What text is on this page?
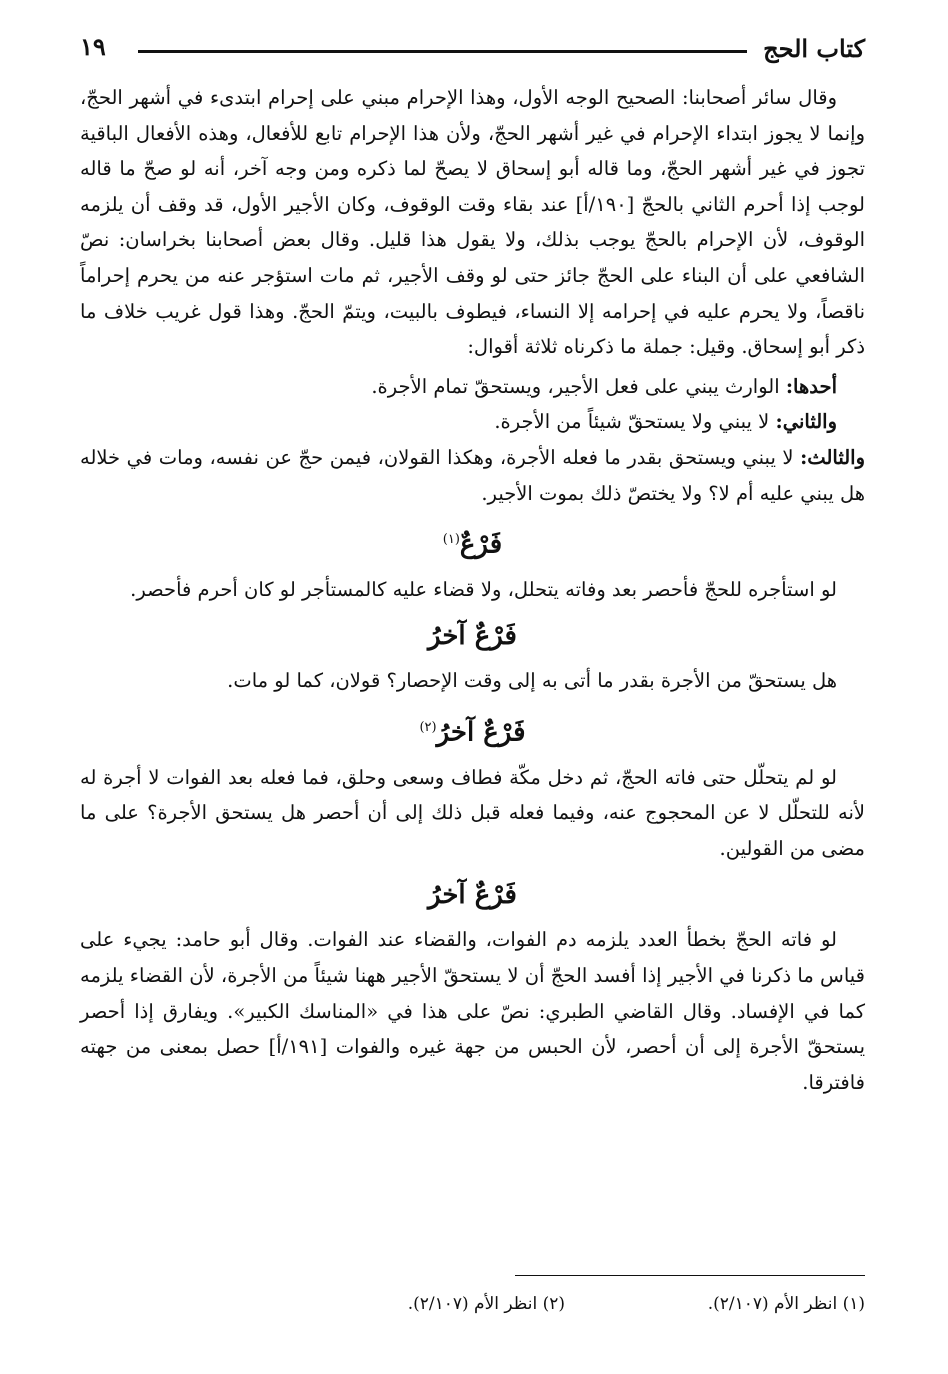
كتاب الحج
١٩

وقال سائر أصحابنا: الصحيح الوجه الأول، وهذا الإحرام مبني على إحرام ابتدىء في أشهر الحجّ، وإنما لا يجوز ابتداء الإحرام في غير أشهر الحجّ، ولأن هذا الإحرام تابع للأفعال، وهذه الأفعال الباقية تجوز في غير أشهر الحجّ، وما قاله أبو إسحاق لا يصحّ لما ذكره ومن وجه آخر، أنه لو صحّ ما قاله لوجب إذا أحرم الثاني بالحجّ [١٩٠/أ] عند بقاء وقت الوقوف، وكان الأجير الأول، قد وقف أن يلزمه الوقوف، لأن الإحرام بالحجّ يوجب بذلك، ولا يقول هذا قليل. وقال بعض أصحابنا بخراسان: نصّ الشافعي على أن البناء على الحجّ جائز حتى لو وقف الأجير، ثم مات استؤجر عنه من يحرم إحراماً ناقصاً، ولا يحرم عليه في إحرامه إلا النساء، فيطوف بالبيت، ويتمّ الحجّ. وهذا قول غريب خلاف ما ذكر أبو إسحاق. وقيل: جملة ما ذكرناه ثلاثة أقوال:

أحدها: الوارث يبني على فعل الأجير، ويستحقّ تمام الأجرة.

والثاني: لا يبني ولا يستحقّ شيئاً من الأجرة.

والثالث: لا يبني ويستحق بقدر ما فعله الأجرة، وهكذا القولان، فيمن حجّ عن نفسه، ومات في خلاله هل يبني عليه أم لا؟ ولا يختصّ ذلك بموت الأجير.

فَرْعٌ$^{(١)}$

لو استأجره للحجّ فأحصر بعد وفاته يتحلل، ولا قضاء عليه كالمستأجر لو كان أحرم فأحصر.

فَرْعٌ آخرُ

هل يستحقّ من الأجرة بقدر ما أتى به إلى وقت الإحصار؟ قولان، كما لو مات.

فَرْعٌ آخرُ$^{(٢)}$

لو لم يتحلّل حتى فاته الحجّ، ثم دخل مكّة فطاف وسعى وحلق، فما فعله بعد الفوات لا أجرة له لأنه للتحلّل لا عن المحجوج عنه، وفيما فعله قبل ذلك إلى أن أحصر هل يستحق الأجرة؟ على ما مضى من القولين.

فَرْعٌ آخرُ

لو فاته الحجّ بخطأ العدد يلزمه دم الفوات، والقضاء عند الفوات. وقال أبو حامد: يجيء على قياس ما ذكرنا في الأجير إذا أفسد الحجّ أن لا يستحقّ الأجير ههنا شيئاً من الأجرة، لأن القضاء يلزمه كما في الإفساد. وقال القاضي الطبري: نصّ على هذا في «المناسك الكبير». ويفارق إذا أحصر يستحقّ الأجرة إلى أن أحصر، لأن الحبس من جهة غيره والفوات [١٩١/أ] حصل بمعنى من جهته فافترقا.

(١) انظر الأم (٢/١٠٧).
(٢) انظر الأم (٢/١٠٧).
